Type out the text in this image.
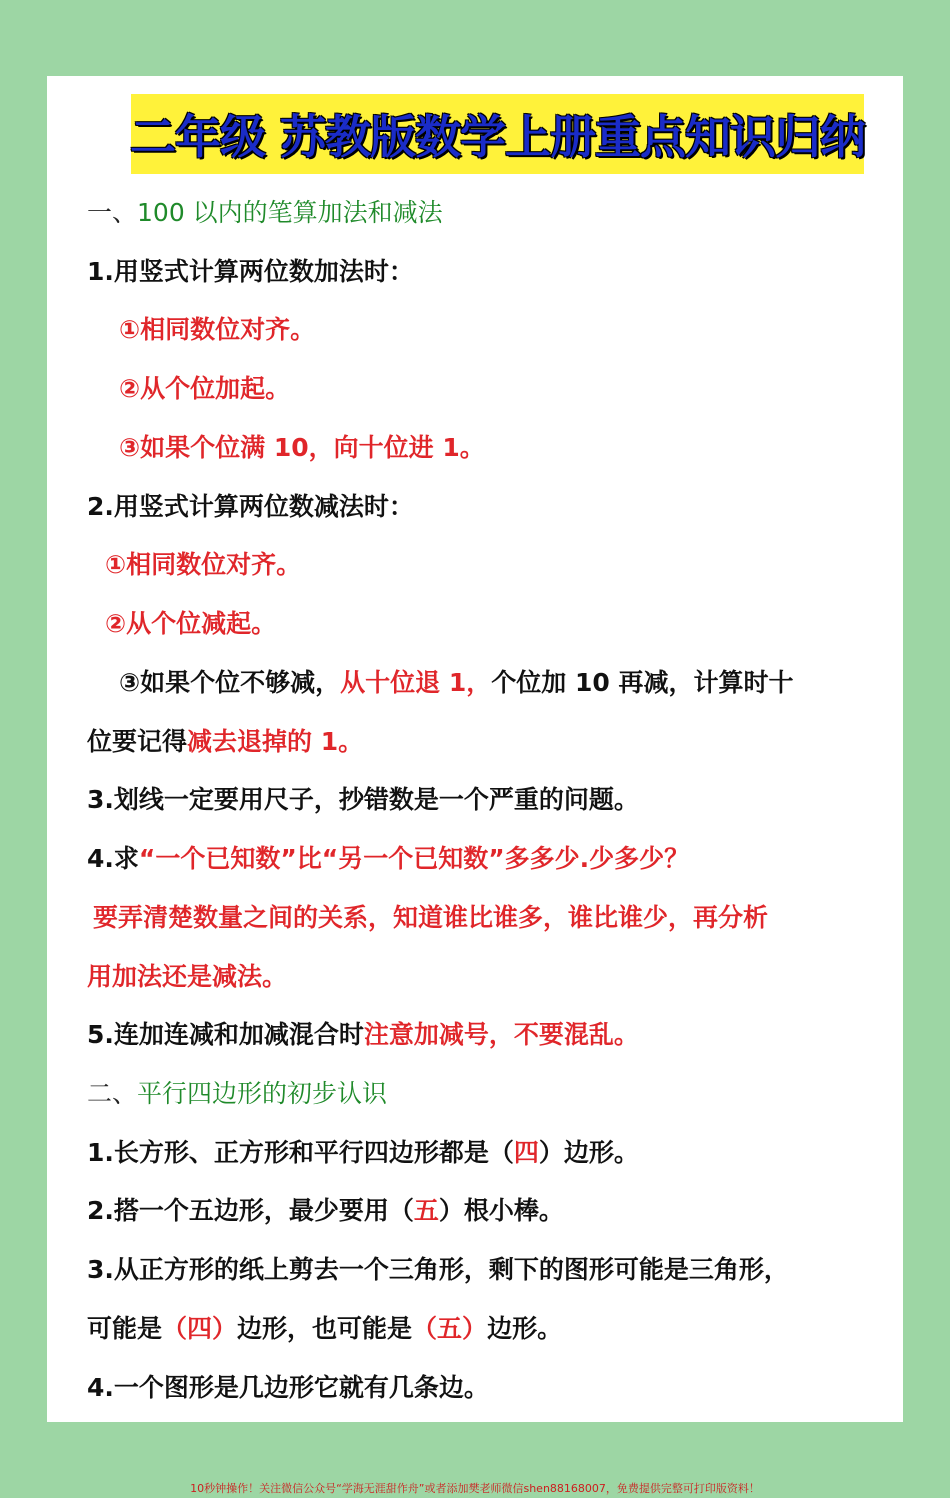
二年级 苏教版数学上册重点知识归纳
一、100 以内的笔算加法和减法
1.用竖式计算两位数加法时：
①相同数位对齐。
②从个位加起。
③如果个位满 10，向十位进 1。
2.用竖式计算两位数减法时：
①相同数位对齐。
②从个位减起。
③如果个位不够减，从十位退 1，个位加 10 再减，计算时十
位要记得减去退掉的 1。
3.划线一定要用尺子，抄错数是一个严重的问题。
4.求“一个已知数”比“另一个已知数”多多少.少多少？
要弄清楚数量之间的关系，知道谁比谁多，谁比谁少，再分析
用加法还是减法。
5.连加连减和加减混合时注意加减号，不要混乱。
二、平行四边形的初步认识
1.长方形、正方形和平行四边形都是（四）边形。
2.搭一个五边形，最少要用（五）根小棒。
3.从正方形的纸上剪去一个三角形，剩下的图形可能是三角形，
可能是（四）边形，也可能是（五）边形。
4.一个图形是几边形它就有几条边。
10秒钟操作！关注微信公众号“学海无涯甜作舟”或者添加樊老师微信shen88168007，免费提供完整可打印版资料！
